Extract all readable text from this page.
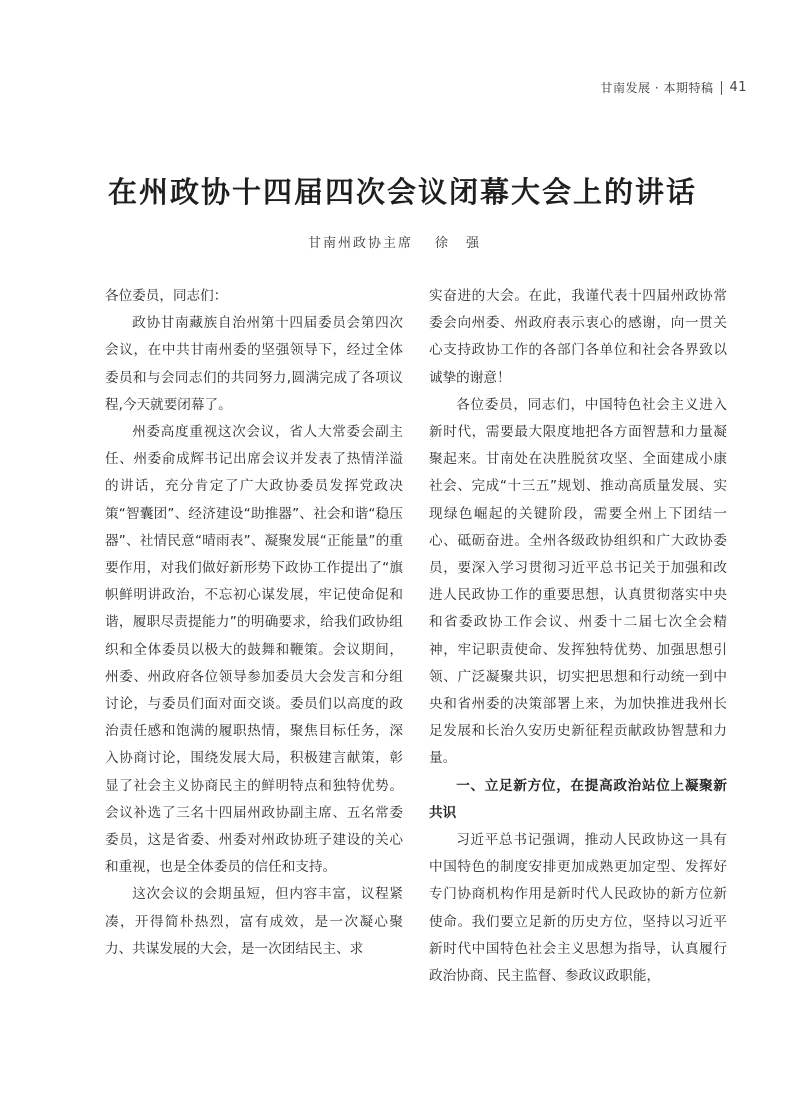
甘南发展 · 本期特稿 41
在州政协十四届四次会议闭幕大会上的讲话
甘南州政协主席 徐强

各位委员，同志们：

政协甘南藏族自治州第十四届委员会第四次会议，在中共甘南州委的坚强领导下，经过全体委员和与会同志们的共同努力,圆满完成了各项议程,今天就要闭幕了。

州委高度重视这次会议，省人大常委会副主任、州委俞成辉书记出席会议并发表了热情洋溢的讲话，充分肯定了广大政协委员发挥党政决策“智囊团”、经济建设“助推器”、社会和谐“稳压器”、社情民意“晴雨表”、凝聚发展“正能量”的重要作用，对我们做好新形势下政协工作提出了“旗帜鲜明讲政治，不忘初心谋发展，牢记使命促和谐，履职尽责提能力”的明确要求，给我们政协组织和全体委员以极大的鼓舞和鞭策。会议期间，州委、州政府各位领导参加委员大会发言和分组讨论，与委员们面对面交谈。委员们以高度的政治责任感和饱满的履职热情，聚焦目标任务，深入协商讨论，围绕发展大局，积极建言献策，彰显了社会主义协商民主的鲜明特点和独特优势。会议补选了三名十四届州政协副主席、五名常委委员，这是省委、州委对州政协班子建设的关心和重视，也是全体委员的信任和支持。

这次会议的会期虽短，但内容丰富，议程紧凑，开得简朴热烈，富有成效，是一次凝心聚力、共谋发展的大会，是一次团结民主、求

实奋进的大会。在此，我谨代表十四届州政协常委会向州委、州政府表示衷心的感谢，向一贯关心支持政协工作的各部门各单位和社会各界致以诚挚的谢意！

各位委员，同志们，中国特色社会主义进入新时代，需要最大限度地把各方面智慧和力量凝聚起来。甘南处在决胜脱贫攻坚、全面建成小康社会、完成“十三五”规划、推动高质量发展、实现绿色崛起的关键阶段，需要全州上下团结一心、砥砺奋进。全州各级政协组织和广大政协委员，要深入学习贯彻习近平总书记关于加强和改进人民政协工作的重要思想，认真贯彻落实中央和省委政协工作会议、州委十二届七次全会精神，牢记职责使命、发挥独特优势、加强思想引领、广泛凝聚共识，切实把思想和行动统一到中央和省州委的决策部署上来，为加快推进我州长足发展和长治久安历史新征程贡献政协智慧和力量。

一、立足新方位，在提高政治站位上凝聚新共识

习近平总书记强调，推动人民政协这一具有中国特色的制度安排更加成熟更加定型、发挥好专门协商机构作用是新时代人民政协的新方位新使命。我们要立足新的历史方位，坚持以习近平新时代中国特色社会主义思想为指导，认真履行政治协商、民主监督、参政议政职能，
